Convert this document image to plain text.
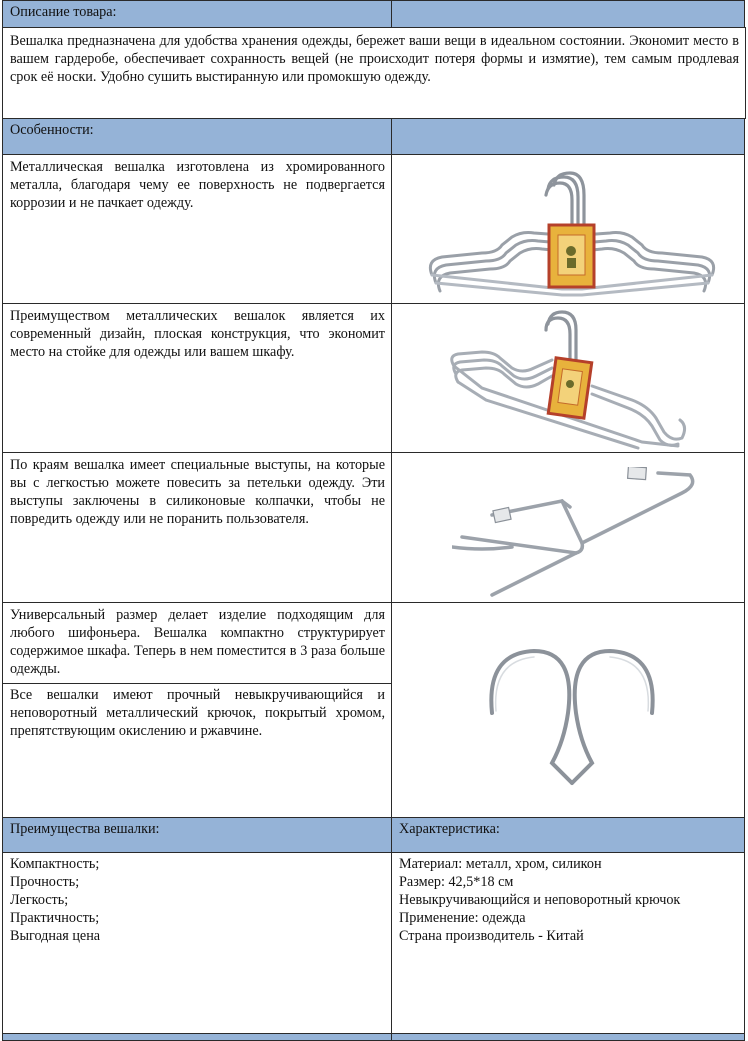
Описание товара:
Вешалка предназначена для удобства хранения одежды, бережет ваши вещи в идеальном состоянии. Экономит место в вашем гардеробе, обеспечивает сохранность вещей (не происходит потеря формы и измятие), тем самым продлевая срок её носки. Удобно сушить выстиранную или промокшую одежду.
Особенности:
Металлическая вешалка изготовлена из хромированного металла, благодаря чему ее поверхность не подвергается коррозии и не пачкает одежду.
Преимуществом металлических вешалок является их современный дизайн, плоская конструкция, что экономит место на стойке для одежды или вашем шкафу.
По краям вешалка имеет специальные выступы, на которые вы с легкостью можете повесить за петельки одежду. Эти выступы заключены в силиконовые колпачки, чтобы не повредить одежду или не поранить пользователя.
Универсальный размер делает изделие подходящим для любого шифоньера. Вешалка компактно структурирует содержимое шкафа. Теперь в нем поместится в 3 раза больше одежды.
Все вешалки имеют прочный невыкручивающийся и неповоротный металлический крючок, покрытый хромом, препятствующим окислению и ржавчине.
Преимущества вешалки:	Характеристика:
Компактность;
Прочность;
Легкость;
Практичность;
Выгодная цена
Материал: металл, хром, силикон
Размер: 42,5*18 см
Невыкручивающийся и неповоротный крючок
Применение: одежда
Страна производитель - Китай
